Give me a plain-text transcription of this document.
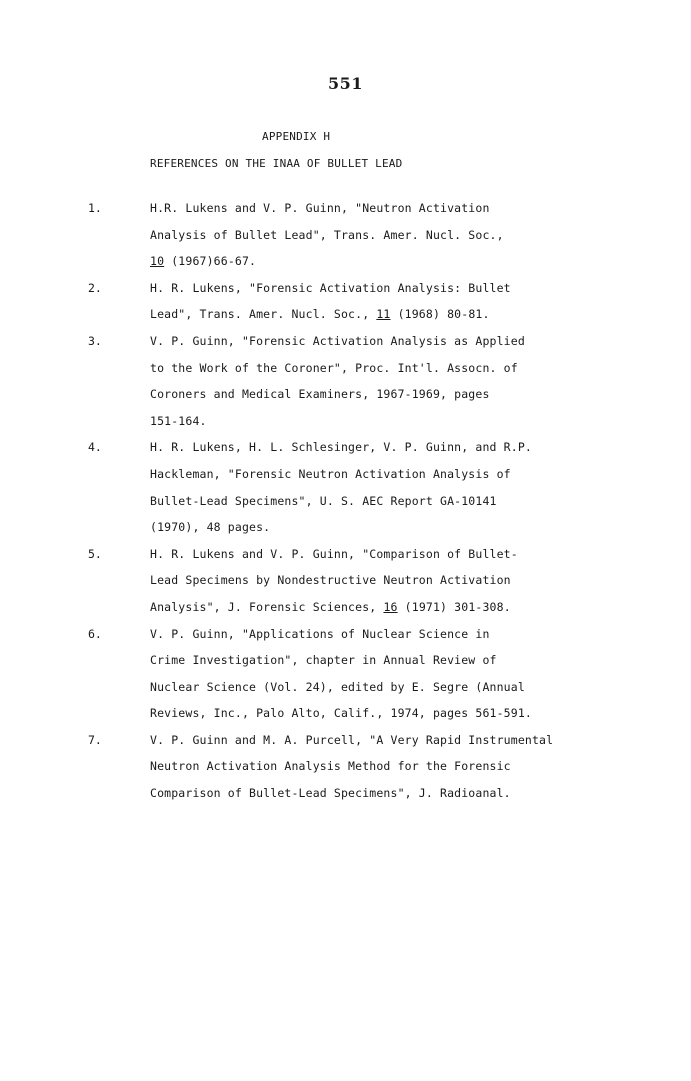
551
APPENDIX H
REFERENCES ON THE INAA OF BULLET LEAD
1.	H.R. Lukens and V. P. Guinn, "Neutron Activation
Analysis of Bullet Lead", Trans. Amer. Nucl. Soc.,
10 (1967)66-67.
2.	H. R. Lukens, "Forensic Activation Analysis: Bullet
Lead", Trans. Amer. Nucl. Soc., 11 (1968) 80-81.
3.	V. P. Guinn, "Forensic Activation Analysis as Applied
to the Work of the Coroner", Proc. Int'l. Assocn. of
Coroners and Medical Examiners, 1967-1969, pages
151-164.
4.	H. R. Lukens, H. L. Schlesinger, V. P. Guinn, and R.P.
Hackleman, "Forensic Neutron Activation Analysis of
Bullet-Lead Specimens", U. S. AEC Report GA-10141
(1970), 48 pages.
5.	H. R. Lukens and V. P. Guinn, "Comparison of Bullet-
Lead Specimens by Nondestructive Neutron Activation
Analysis", J. Forensic Sciences, 16 (1971) 301-308.
6.	V. P. Guinn, "Applications of Nuclear Science in
Crime Investigation", chapter in Annual Review of
Nuclear Science (Vol. 24), edited by E. Segre (Annual
Reviews, Inc., Palo Alto, Calif., 1974, pages 561-591.
7.	V. P. Guinn and M. A. Purcell, "A Very Rapid Instrumental
Neutron Activation Analysis Method for the Forensic
Comparison of Bullet-Lead Specimens", J. Radioanal.
